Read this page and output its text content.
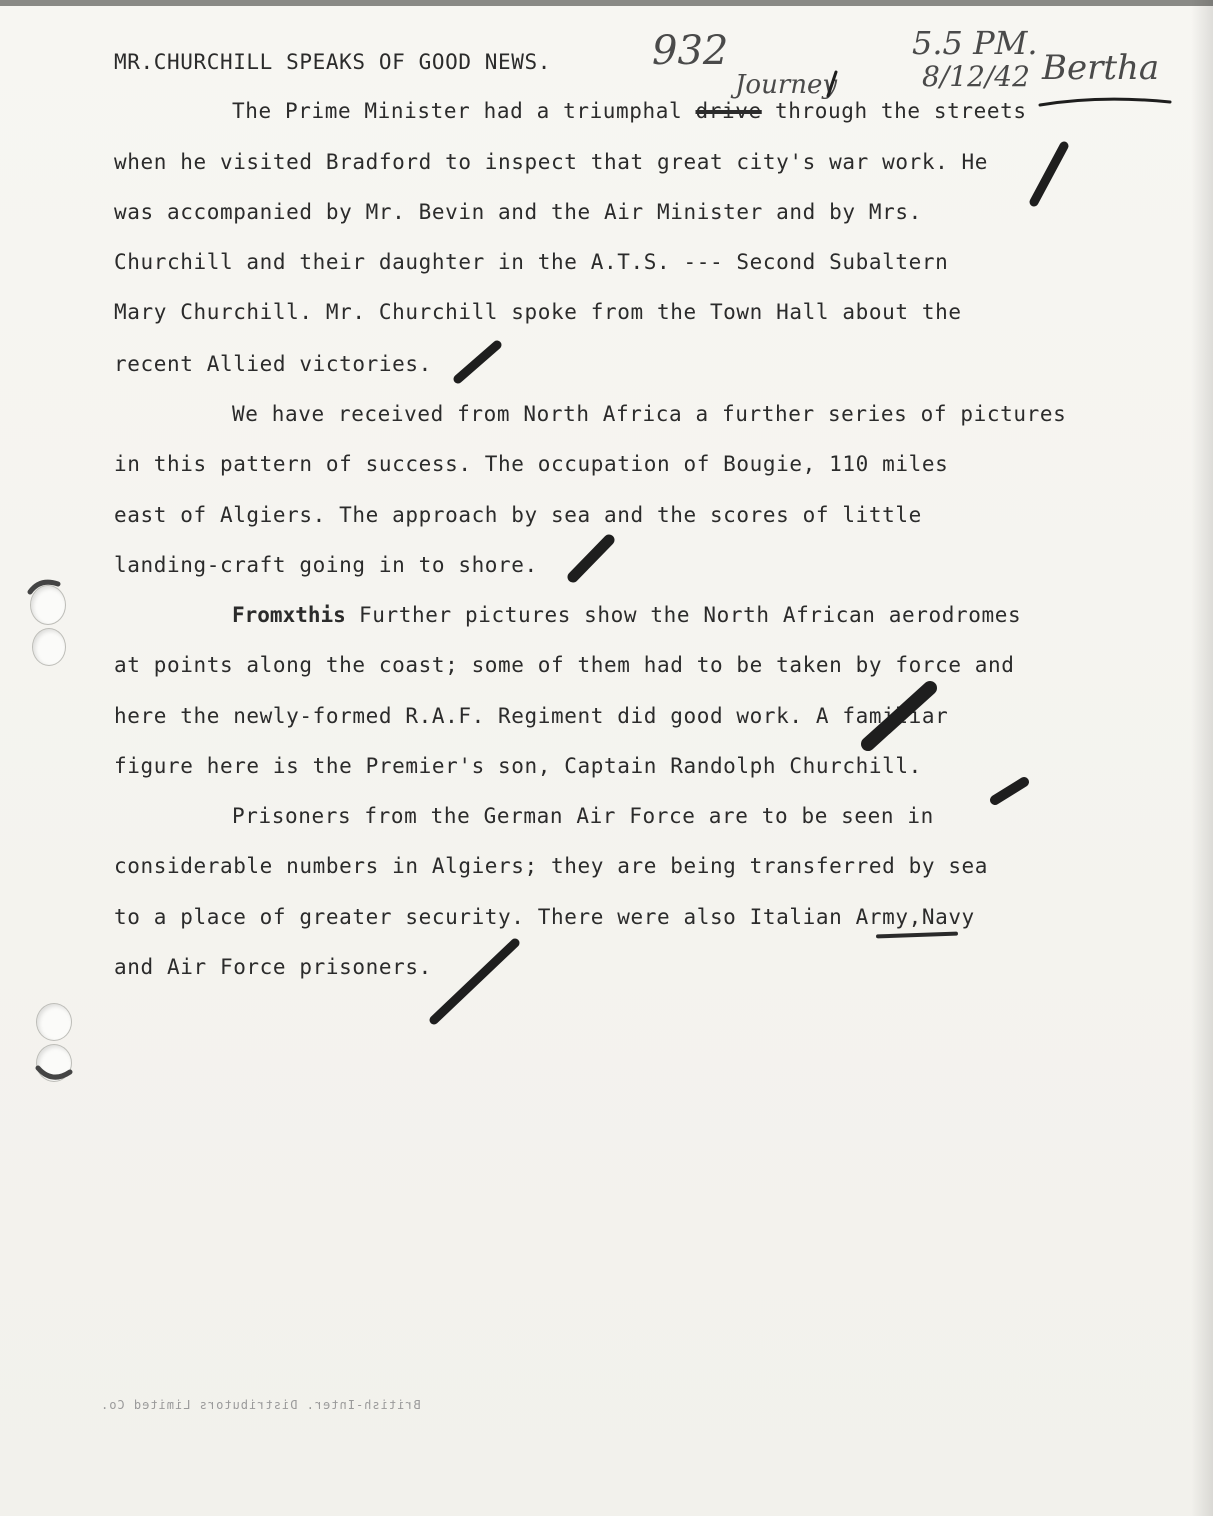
MR.CHURCHILL SPEAKS OF GOOD NEWS.
The Prime Minister had a triumphal drive through the streets
when he visited Bradford to inspect that great city's war work. He
was accompanied by Mr. Bevin and the Air Minister and by Mrs.
Churchill and their daughter in the A.T.S. --- Second Subaltern
Mary Churchill. Mr. Churchill spoke from the Town Hall about the
recent Allied victories.
We have received from North Africa a further series of pictures
in this pattern of success. The occupation of Bougie, 110 miles
east of Algiers. The approach by sea and the scores of little
landing-craft going in to shore.
Fromxthis Further pictures show the North African aerodromes
at points along the coast; some of them had to be taken by force and
here the newly-formed R.A.F. Regiment did good work. A familiar
figure here is the Premier's son, Captain Randolph Churchill.
Prisoners from the German Air Force are to be seen in
considerable numbers in Algiers; they are being transferred by sea
to a place of greater security. There were also Italian Army,Navy
and Air Force prisoners.
932
Journey
5.5 PM.
8/12/42 Bertha
British-Inter. Distributors Limited Co.
